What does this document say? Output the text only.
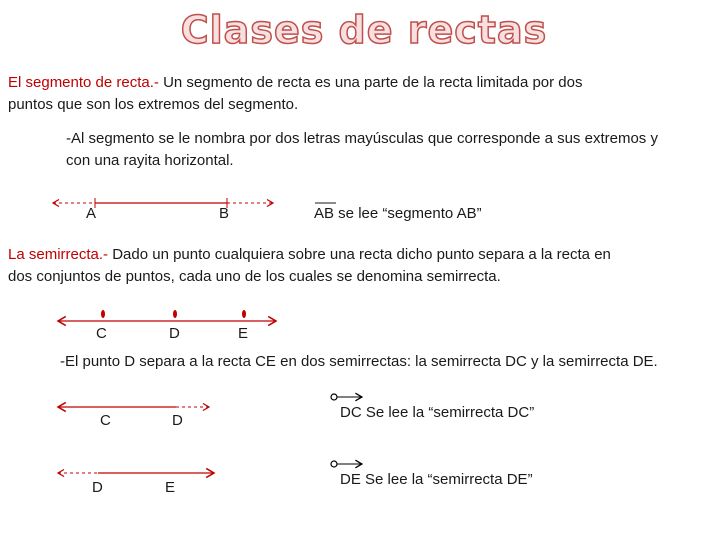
Clases de rectas
El segmento de recta.- Un segmento de recta es una parte de la recta limitada por dos
puntos que son los extremos del segmento.
-Al segmento se le nombra por dos letras mayúsculas que corresponde a sus extremos y
con una rayita horizontal.
A	B	AB se lee “segmento AB”
La semirrecta.- Dado un punto cualquiera sobre una recta dicho punto separa a la recta en
dos conjuntos de puntos, cada uno de los cuales se denomina semirrecta.
C	D	E
-El punto D separa a la recta CE en dos semirrectas: la semirrecta DC y la semirrecta DE.
C	D	DC Se lee la “semirrecta DC”
D	E	DE Se lee la “semirrecta DE”
